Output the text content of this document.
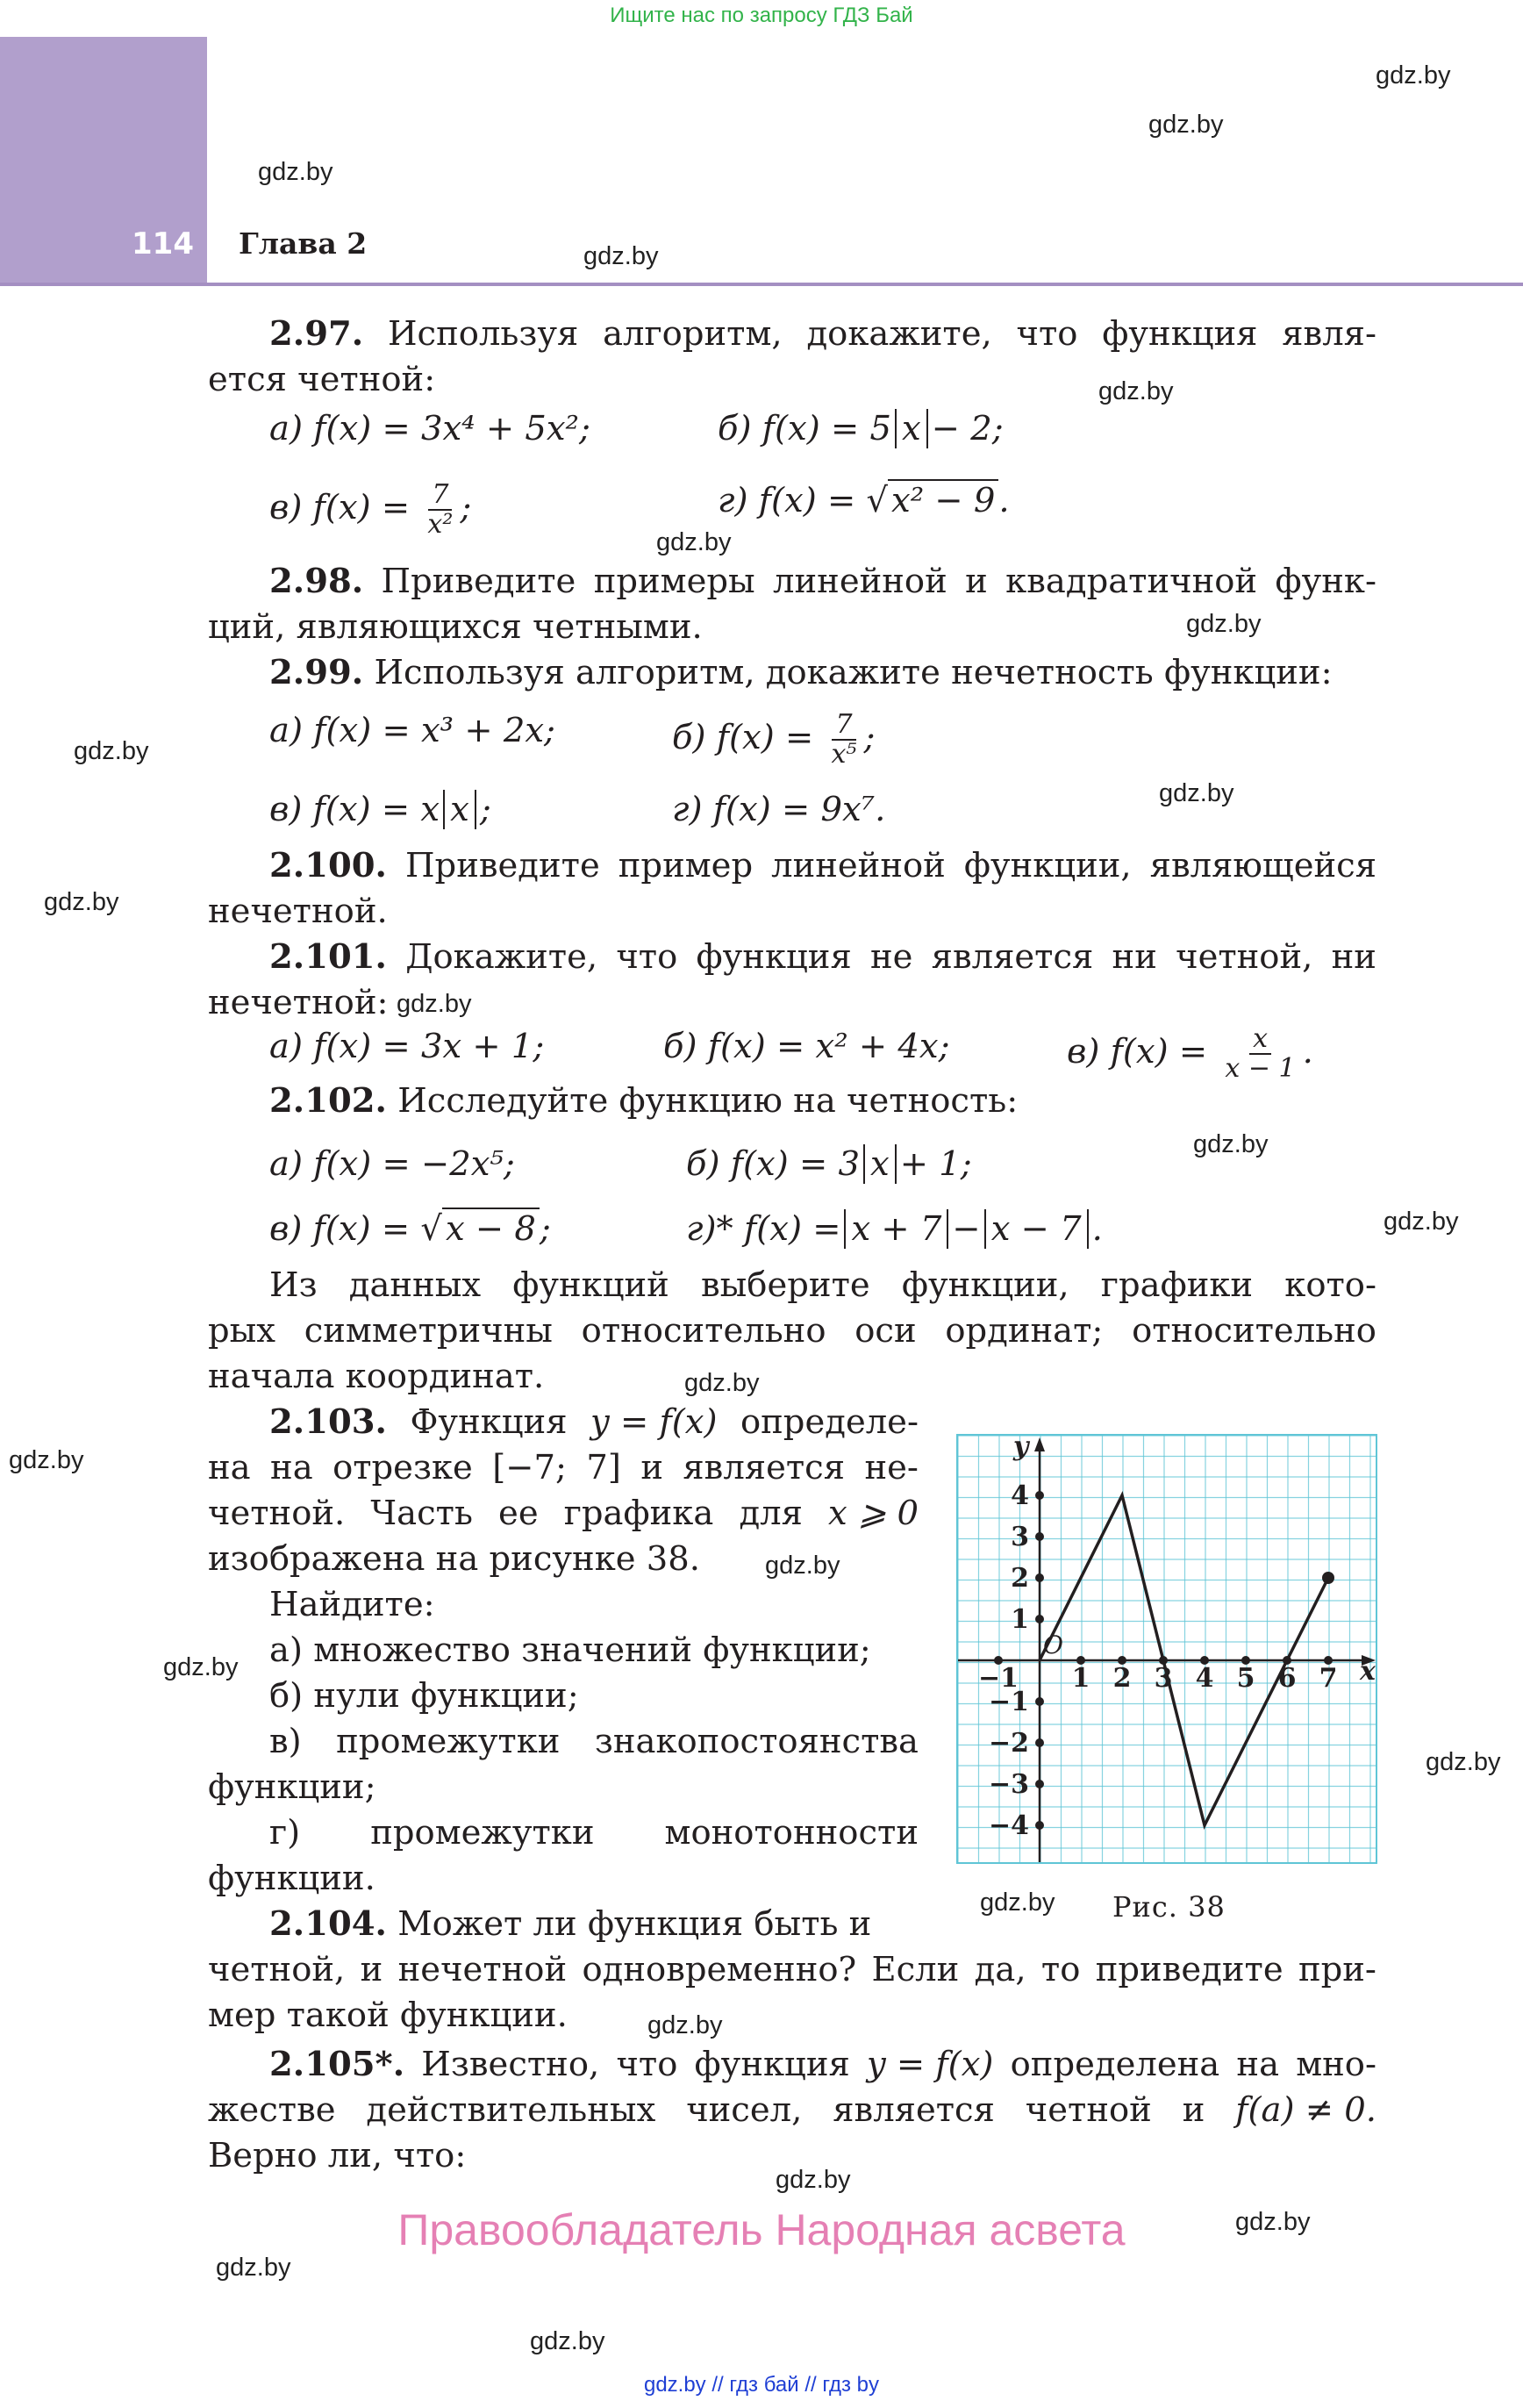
Ищите нас по запросу ГДЗ Бай
114 Глава 2
gdz.by
gdz.by
gdz.by
gdz.by
gdz.by
gdz.by
gdz.by
gdz.by
gdz.by
gdz.by
gdz.by
gdz.by
gdz.by
gdz.by
gdz.by
gdz.by
gdz.by
gdz.by
gdz.by
gdz.by
gdz.by
gdz.by
gdz.by
gdz.by
2.97. Используя алгоритм, докажите, что функция явля-
ется четной:
а) f(x) = 3x⁴ + 5x²;	б) f(x) = 5 x − 2;
в) $f(x) = \frac{7}{\text{x²}}$ ;	г) f(x) = √ x² − 9 .
2.98. Приведите примеры линейной и квадратичной функ-
ций, являющихся четными.
2.99. Используя алгоритм, докажите нечетность функции:
а) f(x) = x³ + 2x;	б) $f(x) = \frac{7}{\text{x⁵}}$ ;
в) f(x) = x x ;	г) f(x) = 9x⁷.
2.100. Приведите пример линейной функции, являющейся
нечетной.
2.101. Докажите, что функция не является ни четной, ни
нечетной:
а) f(x) = 3x + 1;	б) f(x) = x² + 4x;	в) $f(x) = \frac{x}{x - 1}$ .
2.102. Исследуйте функцию на четность:
а) f(x) = −2x⁵;	б) f(x) = 3 x + 1;
в) f(x) = √ x − 8 ;	г)* f(x) = x + 7 − x − 7 .
Из данных функций выберите функции, графики кото-
рых симметричны относительно оси ординат; относительно
начала координат.
2.103. Функция y = f(x) определе-
на на отрезке [−7; 7] и является не-
четной. Часть ее графика для x ⩾ 0
изображена на рисунке 38.
Найдите:
а) множество значений функции;
б) нули функции;
в) промежутки знакопостоянства
функции;
г) промежутки монотонности
функции.
x
y
O
−1 1 2 3 4 5 6 7
4
3
2
1
−1
−2
−3
−4
Рис. 38
2.104. Может ли функция быть и
четной, и нечетной одновременно? Если да, то приведите при-
мер такой функции.
2.105*. Известно, что функция y = f(x) определена на мно-
жестве действительных чисел, является четной и f(a) ≠ 0.
Верно ли, что:
Правообладатель Народная асвета
gdz.by // гдз бай // гдз by
